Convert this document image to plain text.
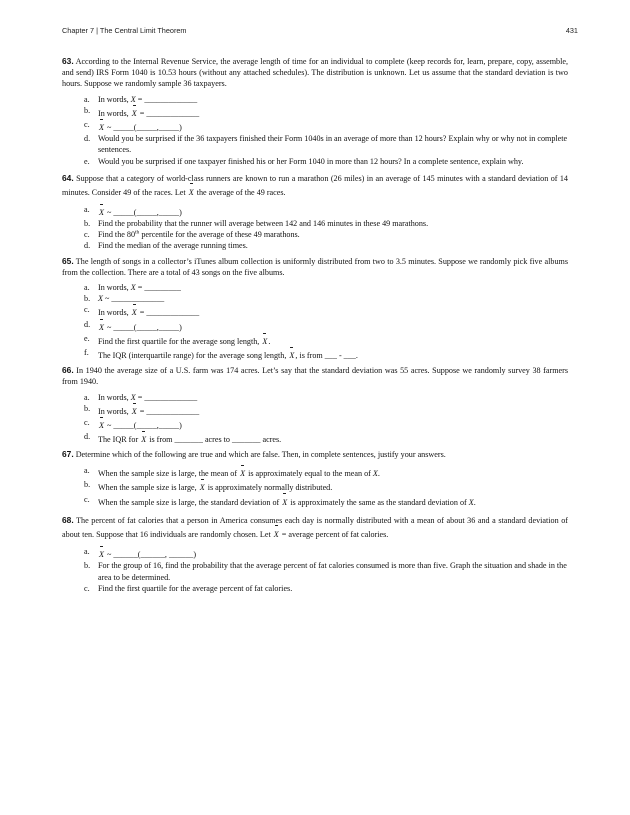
Chapter 7 | The Central Limit Theorem	431

63. According to the Internal Revenue Service, the average length of time for an individual to complete (keep records for, learn, prepare, copy, assemble, and send) IRS Form 1040 is 10.53 hours (without any attached schedules). The distribution is unknown. Let us assume that the standard deviation is two hours. Suppose we randomly sample 36 taxpayers.

a. In words, X = _____________
b. In words, X = _____________
c. X ~ _____(_____,_____)
d. Would you be surprised if the 36 taxpayers finished their Form 1040s in an average of more than 12 hours? Explain why or why not in complete sentences.
e. Would you be surprised if one taxpayer finished his or her Form 1040 in more than 12 hours? In a complete sentence, explain why.

64. Suppose that a category of world-class runners are known to run a marathon (26 miles) in an average of 145 minutes with a standard deviation of 14 minutes. Consider 49 of the races. Let X the average of the 49 races.

a. X ~ _____(_____,_____)
b. Find the probability that the runner will average between 142 and 146 minutes in these 49 marathons.
c. Find the 80th percentile for the average of these 49 marathons.
d. Find the median of the average running times.

65. The length of songs in a collector’s iTunes album collection is uniformly distributed from two to 3.5 minutes. Suppose we randomly pick five albums from the collection. There are a total of 43 songs on the five albums.

a. In words, X = _________
b. X ~ _____________
c. In words, X = _____________
d. X ~ _____(_____,_____)
e. Find the first quartile for the average song length, X.
f. The IQR (interquartile range) for the average song length, X, is from ___ - ___.

66. In 1940 the average size of a U.S. farm was 174 acres. Let’s say that the standard deviation was 55 acres. Suppose we randomly survey 38 farmers from 1940.

a. In words, X = _____________
b. In words, X = _____________
c. X ~ _____(_____,_____)
d. The IQR for X is from _______ acres to _______ acres.

67. Determine which of the following are true and which are false. Then, in complete sentences, justify your answers.

a. When the sample size is large, the mean of X is approximately equal to the mean of X.
b. When the sample size is large, X is approximately normally distributed.
c. When the sample size is large, the standard deviation of X is approximately the same as the standard deviation of X.

68. The percent of fat calories that a person in America consumes each day is normally distributed with a mean of about 36 and a standard deviation of about ten. Suppose that 16 individuals are randomly chosen. Let X = average percent of fat calories.

a. X ~ ______(______, ______)
b. For the group of 16, find the probability that the average percent of fat calories consumed is more than five. Graph the situation and shade in the area to be determined.
c. Find the first quartile for the average percent of fat calories.
